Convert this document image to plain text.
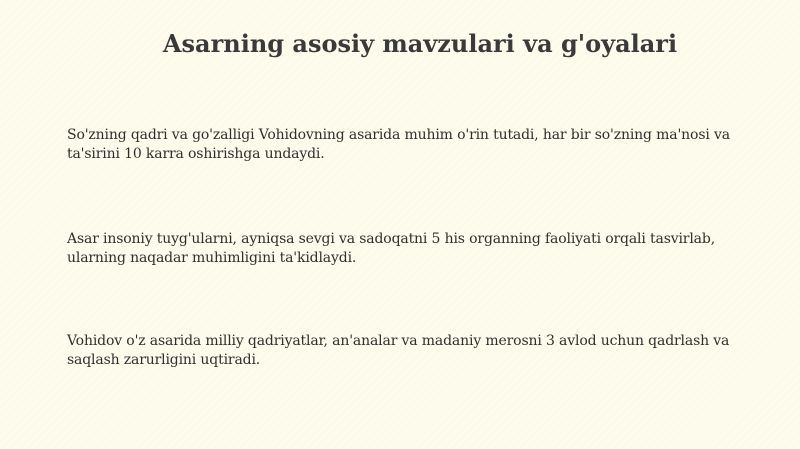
Asarning asosiy mavzulari va g'oyalari

So'zning qadri va go'zalligi Vohidovning asarida muhim o'rin tutadi, har bir so'zning ma'nosi va ta'sirini 10 karra oshirishga undaydi.

Asar insoniy tuyg'ularni, ayniqsa sevgi va sadoqatni 5 his organning faoliyati orqali tasvirlab, ularning naqadar muhimligini ta'kidlaydi.

Vohidov o'z asarida milliy qadriyatlar, an'analar va madaniy merosni 3 avlod uchun qadrlash va saqlash zarurligini uqtiradi.
